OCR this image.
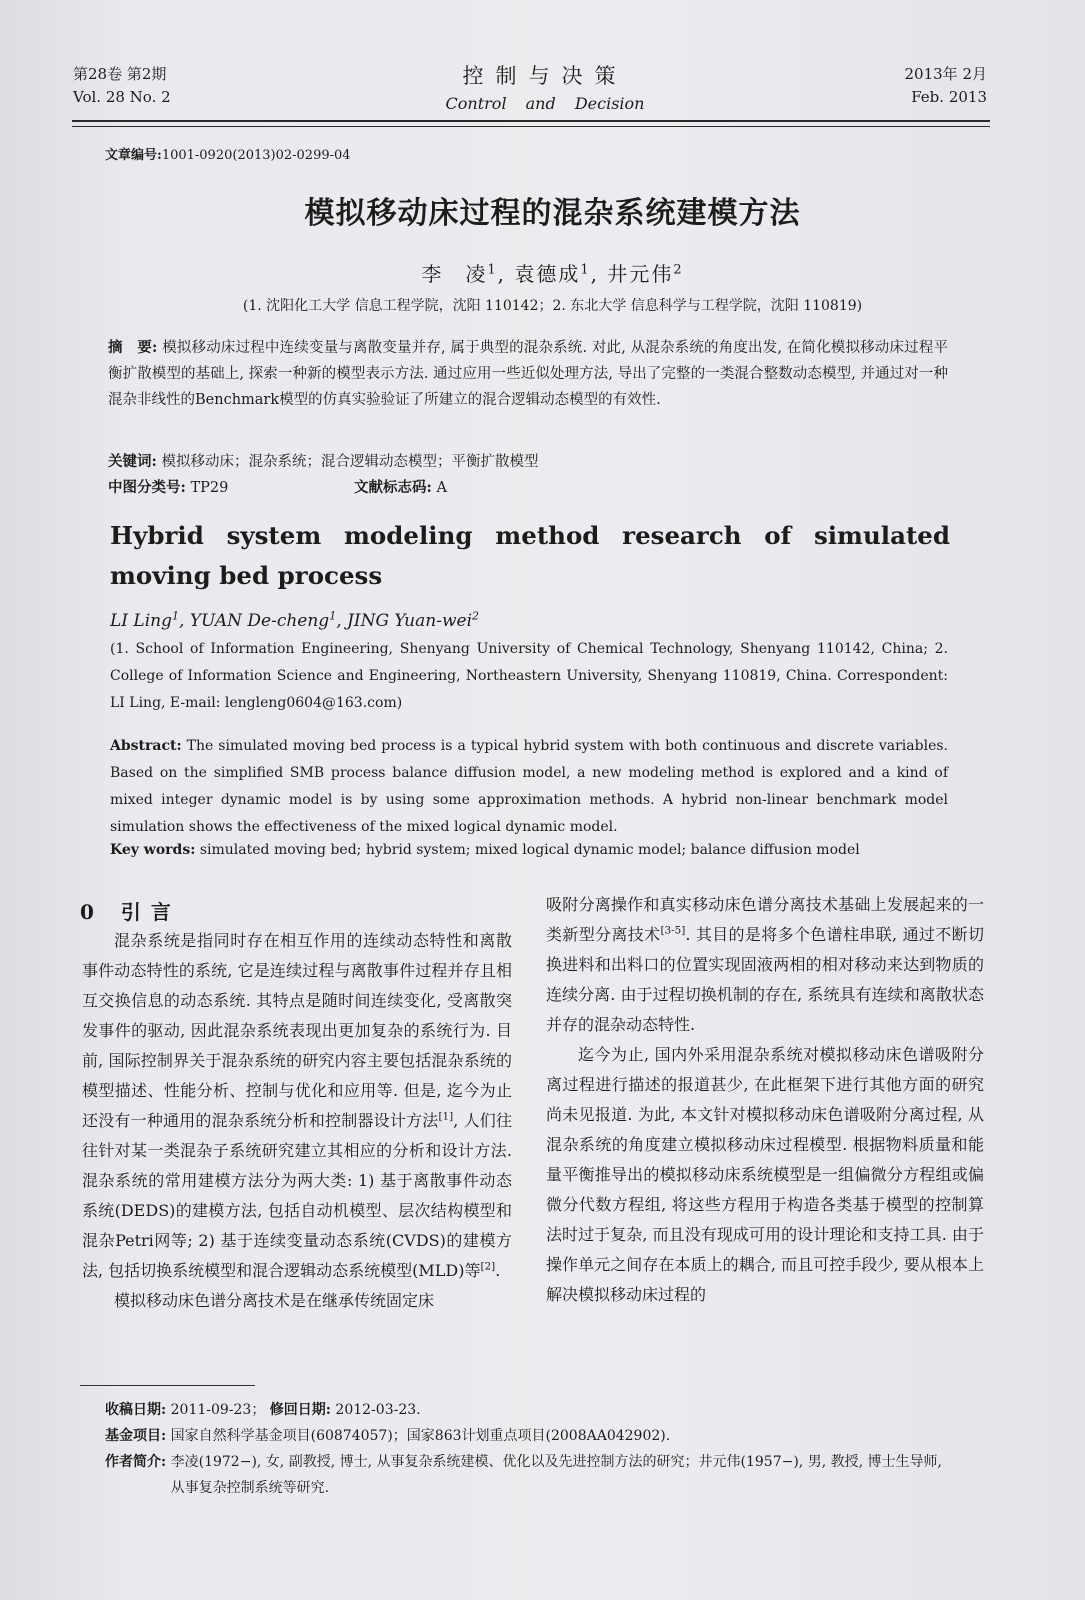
第28卷 第2期
Vol. 28 No. 2
控制与决策
Control and Decision
2013年 2月
Feb. 2013
文章编号:1001-0920(2013)02-0299-04
模拟移动床过程的混杂系统建模方法
李　凌$^1$, 袁德成$^1$, 井元伟$^2$
(1. 沈阳化工大学 信息工程学院，沈阳 110142；2. 东北大学 信息科学与工程学院，沈阳 110819)
摘　要: 模拟移动床过程中连续变量与离散变量并存, 属于典型的混杂系统. 对此, 从混杂系统的角度出发, 在简化模拟移动床过程平衡扩散模型的基础上, 探索一种新的模型表示方法. 通过应用一些近似处理方法, 导出了完整的一类混合整数动态模型, 并通过对一种混杂非线性的Benchmark模型的仿真实验验证了所建立的混合逻辑动态模型的有效性.
关键词: 模拟移动床；混杂系统；混合逻辑动态模型；平衡扩散模型
中图分类号: TP29	文献标志码: A
Hybrid system modeling method research of simulated moving bed process
LI Ling$^1$, YUAN De-cheng$^1$, JING Yuan-wei$^2$
(1. School of Information Engineering, Shenyang University of Chemical Technology, Shenyang 110142, China; 2. College of Information Science and Engineering, Northeastern University, Shenyang 110819, China. Correspondent: LI Ling, E-mail: lengleng0604@163.com)
Abstract: The simulated moving bed process is a typical hybrid system with both continuous and discrete variables. Based on the simplified SMB process balance diffusion model, a new modeling method is explored and a kind of mixed integer dynamic model is by using some approximation methods. A hybrid non-linear benchmark model simulation shows the effectiveness of the mixed logical dynamic model.
Key words: simulated moving bed; hybrid system; mixed logical dynamic model; balance diffusion model
0 引言
混杂系统是指同时存在相互作用的连续动态特性和离散事件动态特性的系统, 它是连续过程与离散事件过程并存且相互交换信息的动态系统. 其特点是随时间连续变化, 受离散突发事件的驱动, 因此混杂系统表现出更加复杂的系统行为. 目前, 国际控制界关于混杂系统的研究内容主要包括混杂系统的模型描述、性能分析、控制与优化和应用等. 但是, 迄今为止还没有一种通用的混杂系统分析和控制器设计方法[1], 人们往往针对某一类混杂子系统研究建立其相应的分析和设计方法. 混杂系统的常用建模方法分为两大类: 1) 基于离散事件动态系统(DEDS)的建模方法, 包括自动机模型、层次结构模型和混杂Petri网等; 2) 基于连续变量动态系统(CVDS)的建模方法, 包括切换系统模型和混合逻辑动态系统模型(MLD)等[2].
模拟移动床色谱分离技术是在继承传统固定床
吸附分离操作和真实移动床色谱分离技术基础上发展起来的一类新型分离技术[3-5]. 其目的是将多个色谱柱串联, 通过不断切换进料和出料口的位置实现固液两相的相对移动来达到物质的连续分离. 由于过程切换机制的存在, 系统具有连续和离散状态并存的混杂动态特性.
迄今为止, 国内外采用混杂系统对模拟移动床色谱吸附分离过程进行描述的报道甚少, 在此框架下进行其他方面的研究尚未见报道. 为此, 本文针对模拟移动床色谱吸附分离过程, 从混杂系统的角度建立模拟移动床过程模型. 根据物料质量和能量平衡推导出的模拟移动床系统模型是一组偏微分方程组或偏微分代数方程组, 将这些方程用于构造各类基于模型的控制算法时过于复杂, 而且没有现成可用的设计理论和支持工具. 由于操作单元之间存在本质上的耦合, 而且可控手段少, 要从根本上解决模拟移动床过程的
收稿日期: 2011-09-23； 修回日期: 2012-03-23.
基金项目: 国家自然科学基金项目(60874057)；国家863计划重点项目(2008AA042902).
作者简介: 李凌(1972−), 女, 副教授, 博士, 从事复杂系统建模、优化以及先进控制方法的研究；井元伟(1957−), 男, 教授, 博士生导师, 从事复杂控制系统等研究.
